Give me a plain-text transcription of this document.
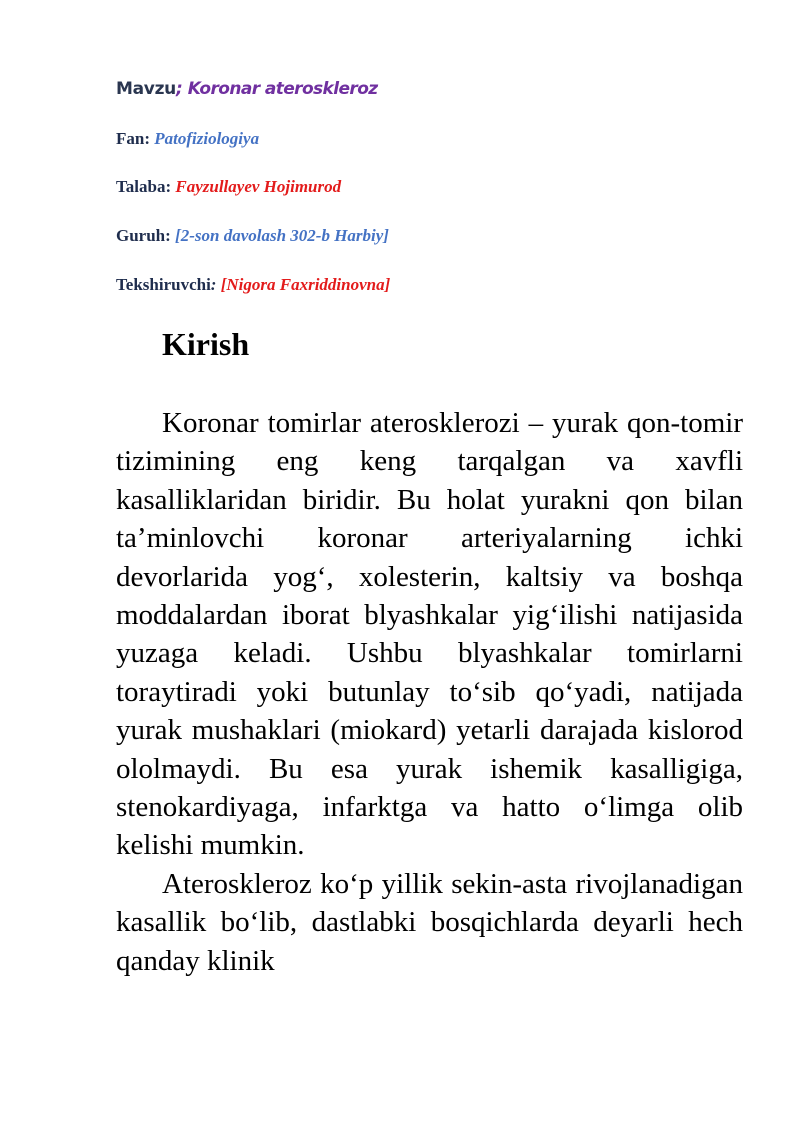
Mavzu; Koronar ateroskleroz
Fan: Patofiziologiya
Talaba: Fayzullayev Hojimurod
Guruh: [2-son davolash 302-b Harbiy]
Tekshiruvchi: [Nigora Faxriddinovna]
Kirish

Koronar tomirlar aterosklerozi – yurak qon-tomir tizimining eng keng tarqalgan va xavfli kasalliklaridan biridir. Bu holat yurakni qon bilan ta’minlovchi koronar arteriyalarning ichki devorlarida yog‘, xolesterin, kaltsiy va boshqa moddalardan iborat blyashkalar yig‘ilishi natijasida yuzaga keladi. Ushbu blyashkalar tomirlarni toraytiradi yoki butunlay to‘sib qo‘yadi, natijada yurak mushaklari (miokard) yetarli darajada kislorod ololmaydi. Bu esa yurak ishemik kasalligiga, stenokardiyaga, infarktga va hatto o‘limga olib kelishi mumkin.

Ateroskleroz ko‘p yillik sekin-asta rivojlanadigan kasallik bo‘lib, dastlabki bosqichlarda deyarli hech qanday klinik
